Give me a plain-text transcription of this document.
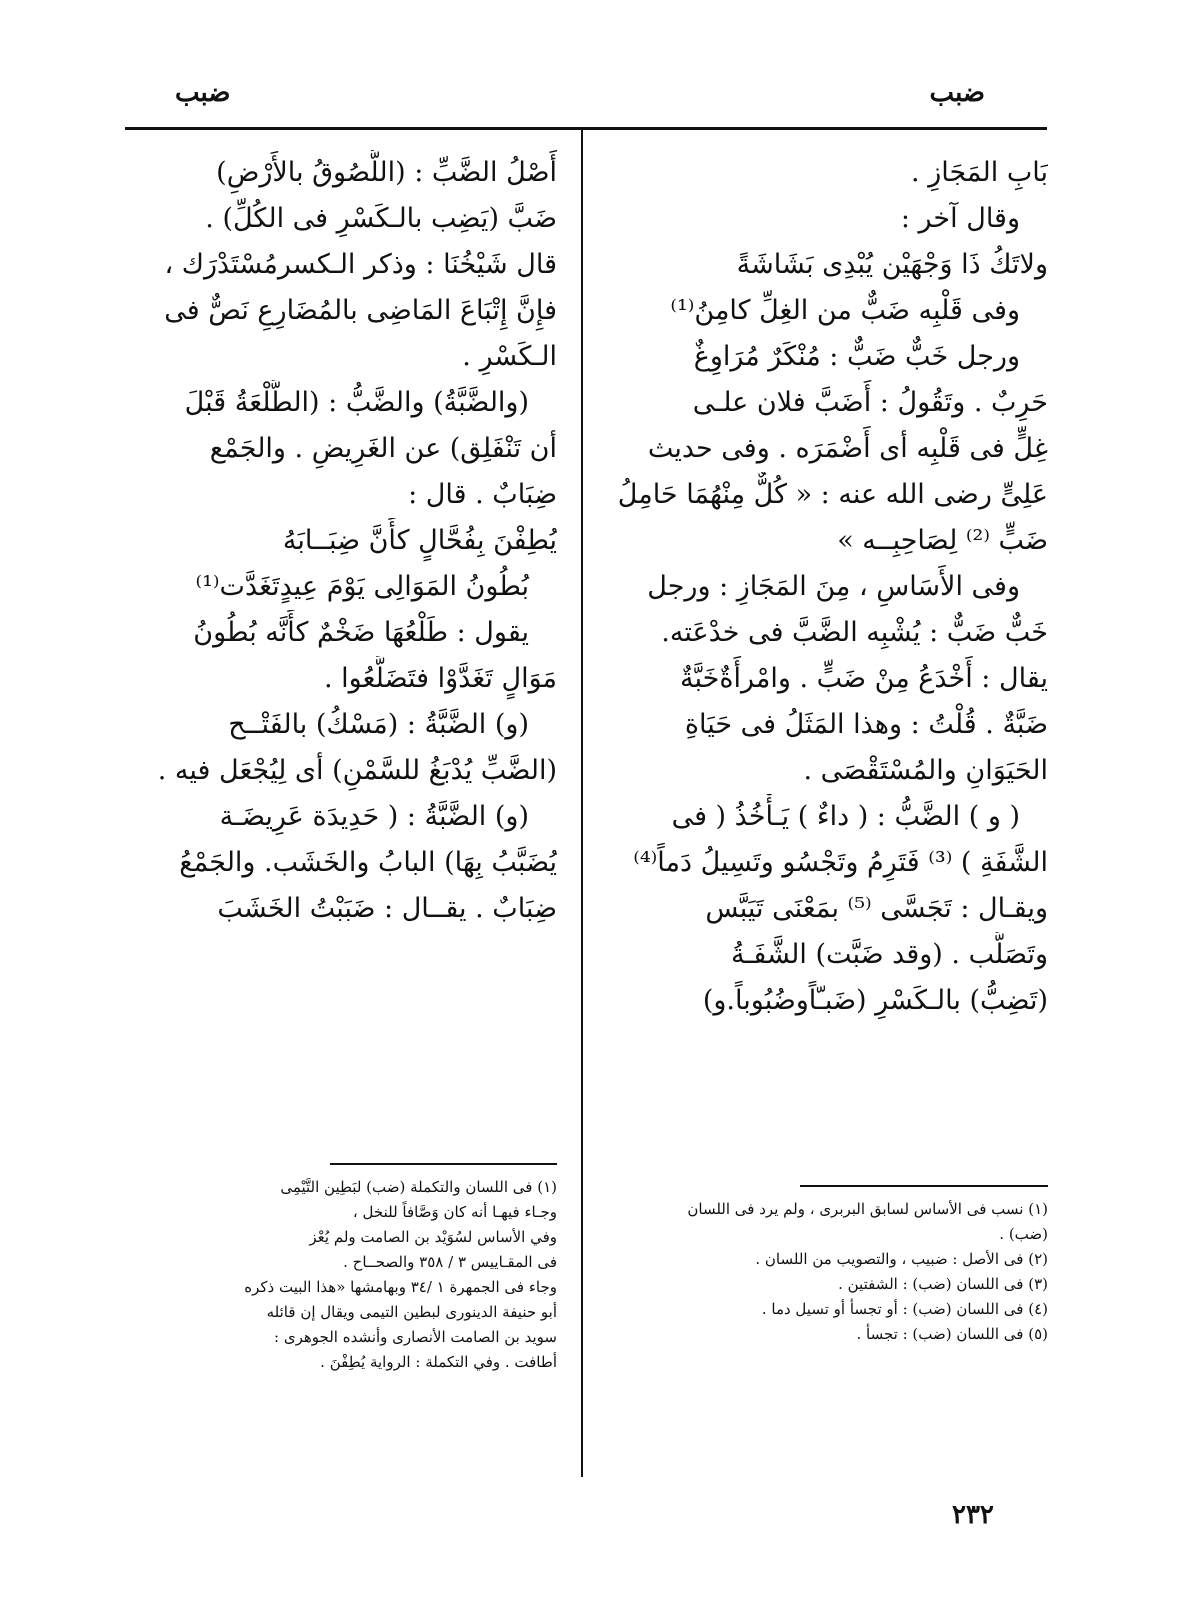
ضبب
ضبب
بَابِ المَجَازِ .
وقال آخر :
ولاتَكُ ذَا وَجْهَيْن يُبْدِى بَشَاشَةً
وفى قَلْبِه ضَبٌّ من الغِلِّ كامِنُ⁽¹⁾
ورجل خَبٌّ ضَبٌّ : مُنْكَرٌ مُرَاوِغٌ
حَرِبٌ . وتَقُولُ : أَضَبَّ فلان علـى
غِلٍّ فى قَلْبِه أى أَضْمَرَه . وفى حديث
عَلِىٍّ رضى الله عنه : « كُلٌّ مِنْهُمَا حَامِلُ
ضَبٍّ ⁽²⁾ لِصَاحِبِــه »
وفى الأَسَاسِ ، مِنَ المَجَازِ : ورجل
خَبٌّ ضَبٌّ : يُشْبِه الضَّبَّ فى خدْعَته.
يقال : أَخْدَعُ مِنْ ضَبٍّ . وامْرأَةٌخَبَّةٌ
ضَبَّةٌ . قُلْتُ : وهذا المَثَلُ فى حَيَاةِ
الحَيَوَانِ والمُسْتَقْصَى .
( و ) الضَّبُّ : ( داءٌ ) يَـأْخُذُ ( فى
الشَّفَةِ ) ⁽³⁾ فَتَرِمُ وتَجْسُو وتَسِيلُ دَماً⁽⁴⁾
ويقـال : تَجَسَّى ⁽⁵⁾ بمَعْنَى تَيَبَّس
وتَصَلَّب . (وقد ضَبَّت) الشَّفَـةُ
(تَضِبُّ) بالـكَسْرِ (ضَبـّاًوضُبُوباً.و)
أَصْلُ الضَّبِّ : (اللُّصُوقُ بالأَرْضِ)
ضَبَّ (يَضِب بالـكَسْرِ فى الكُلِّ) .
قال شَيْخُنَا : وذكر الـكسرمُسْتَدْرَك ،
فإِنَّ إِتْبَاعَ المَاضِى بالمُضَارِعِ نَصٌّ فى
الـكَسْرِ .
(والضَّبَّةُ) والضَّبُّ : (الطَّلْعَةُ قَبْلَ
أن تَنْفَلِق) عن الغَرِيضِ . والجَمْع
ضِبَابٌ . قال :
يُطِفْنَ بِفُحَّالٍ كأَنَّ ضِبَــابَهُ
بُطُونُ المَوَالِى يَوْمَ عِيدٍتَغَدَّت⁽¹⁾
يقول : طَلْعُهَا ضَخْمٌ كأَنَّه بُطُونُ
مَوَالٍ تَغَدَّوْا فتَضَلَّعُوا .
(و) الضَّبَّةُ : (مَسْكُ) بالفَتْــح
(الضَّبِّ يُدْبَغُ للسَّمْنِ) أى لِيُجْعَل فيه .
(و) الضَّبَّةُ : ( حَدِيدَة عَرِيضَـة
يُضَبَّبُ بِهَا) البابُ والخَشَب. والجَمْعُ
ضِبَابٌ . يقــال : ضَبَبْتُ الخَشَبَ
(١) نسب فى الأساس لسابق البربرى ، ولم يرد فى اللسان
(ضب) .
(٢) فى الأصل : ضبيب ، والتصويب من اللسان .
(٣) فى اللسان (ضب) : الشفتين .
(٤) فى اللسان (ضب) : أو تجسأ أو تسيل دما .
(٥) فى اللسان (ضب) : تجسأ .
(١) فى اللسان والتكملة (ضب) لبَطِين التَّيْمِى
وجـاء فيهـا أنه كان وَصَّافاً للنخل ،
وفي الأساس لسُوَيْد بن الصامت ولم يُعْز
فى المقـاييس ٣ / ٣٥٨ والصحــاح .
وجاء فى الجمهرة ١ /٣٤ وبهامشها «هذا البيت ذكره
أبو حنيفة الدينورى لبطين التيمى ويقال إن قائله
سويد بن الصامت الأنصارى وأنشده الجوهرى :
أطافت . وفي التكملة : الرواية يُطِفْنَ .
٢٣٢
